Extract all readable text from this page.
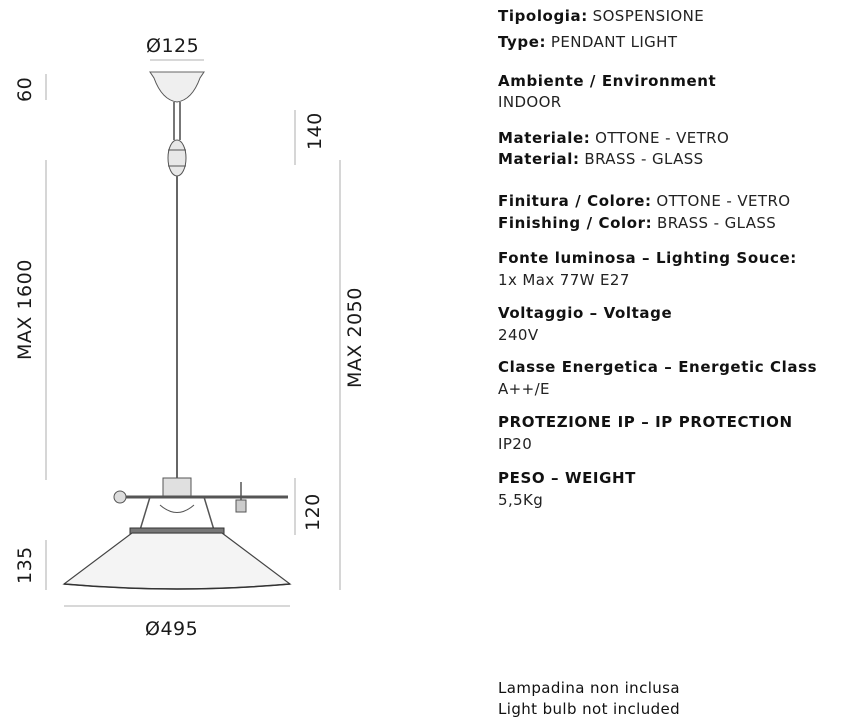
Ø125
60
140
MAX 1600	MAX 2050
120
135
Ø495
Tipologia: SOSPENSIONE
Type: PENDANT LIGHT
Ambiente / Environment
INDOOR
Materiale: OTTONE - VETRO
Material: BRASS - GLASS
Finitura / Colore: OTTONE - VETRO
Finishing / Color: BRASS - GLASS
Fonte luminosa – Lighting Souce:
1x Max 77W E27
Voltaggio – Voltage
240V
Classe Energetica – Energetic Class
A++/E
PROTEZIONE IP – IP PROTECTION
IP20
PESO – WEIGHT
5,5Kg
Lampadina non inclusa
Light bulb not included
